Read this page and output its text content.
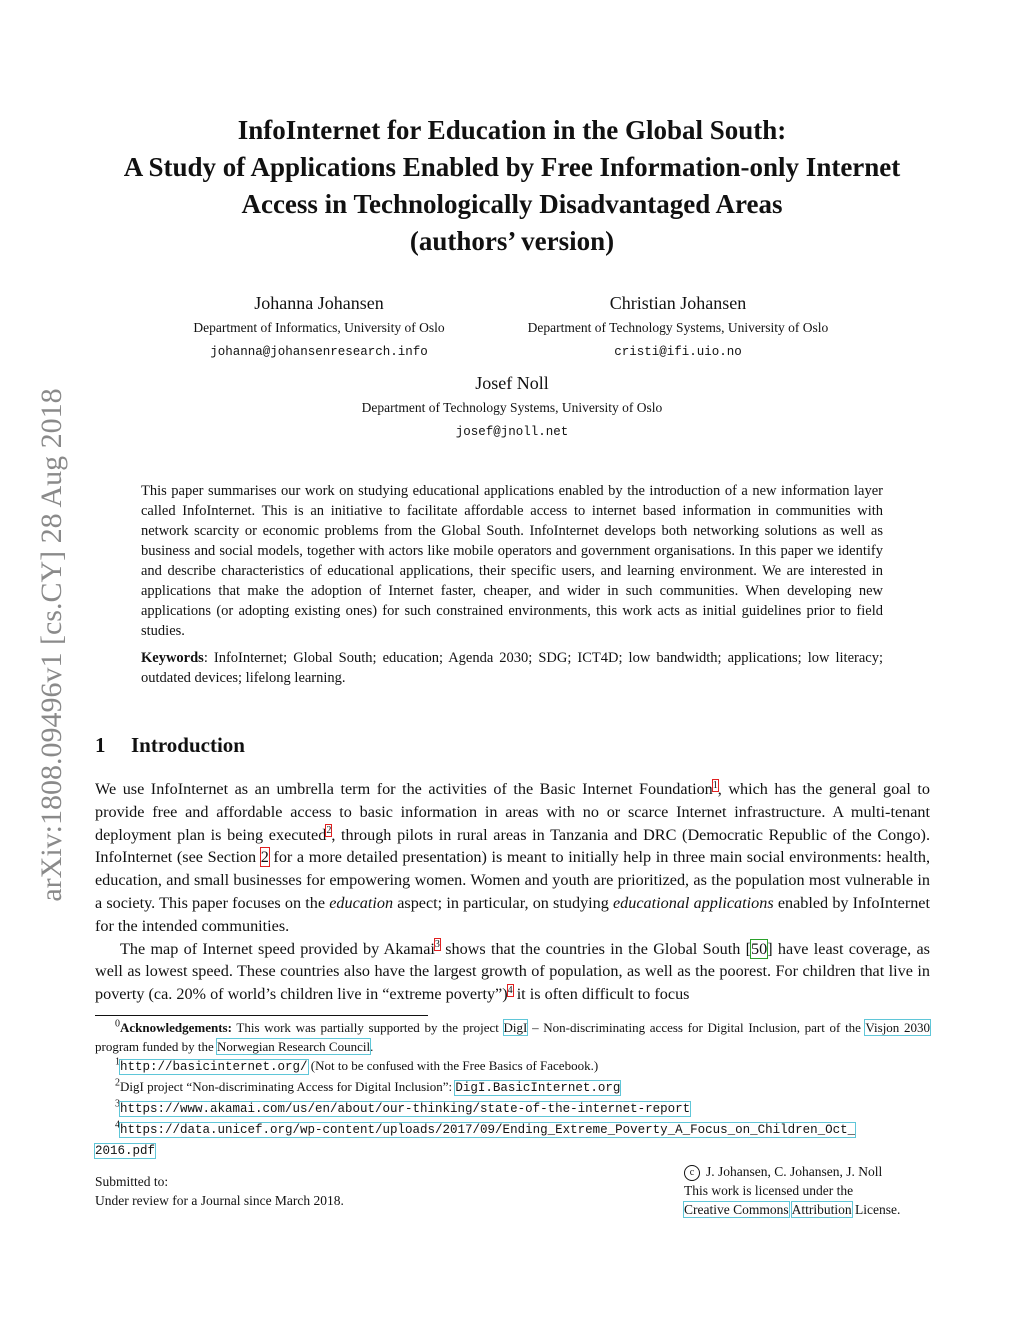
arXiv:1808.09496v1 [cs.CY] 28 Aug 2018
InfoInternet for Education in the Global South:
A Study of Applications Enabled by Free Information-only Internet
Access in Technologically Disadvantaged Areas
(authors’ version)
Johanna Johansen
Department of Informatics, University of Oslo
johanna@johansenresearch.info
Christian Johansen
Department of Technology Systems, University of Oslo
cristi@ifi.uio.no
Josef Noll
Department of Technology Systems, University of Oslo
josef@jnoll.net
This paper summarises our work on studying educational applications enabled by the introduction of a new information layer called InfoInternet. This is an initiative to facilitate affordable access to internet based information in communities with network scarcity or economic problems from the Global South. InfoInternet develops both networking solutions as well as business and social models, together with actors like mobile operators and government organisations. In this paper we identify and describe characteristics of educational applications, their specific users, and learning environment. We are interested in applications that make the adoption of Internet faster, cheaper, and wider in such communities. When developing new applications (or adopting existing ones) for such constrained environments, this work acts as initial guidelines prior to field studies.
Keywords: InfoInternet; Global South; education; Agenda 2030; SDG; ICT4D; low bandwidth; applications; low literacy; outdated devices; lifelong learning.
1 Introduction

We use InfoInternet as an umbrella term for the activities of the Basic Internet Foundation$^1$, which has the general goal to provide free and affordable access to basic information in areas with no or scarce Internet infrastructure. A multi-tenant deployment plan is being executed$^2$, through pilots in rural areas in Tanzania and DRC (Democratic Republic of the Congo). InfoInternet (see Section 2 for a more detailed presentation) is meant to initially help in three main social environments: health, education, and small businesses for empowering women. Women and youth are prioritized, as the population most vulnerable in a society. This paper focuses on the education aspect; in particular, on studying educational applications enabled by InfoInternet for the intended communities.

The map of Internet speed provided by Akamai$^3$ shows that the countries in the Global South [50] have least coverage, as well as lowest speed. These countries also have the largest growth of population, as well as the poorest. For children that live in poverty (ca. 20% of world’s children live in “extreme poverty”)$^4$ it is often difficult to focus

$^0$Acknowledgements: This work was partially supported by the project DigI – Non-discriminating access for Digital Inclusion, part of the Visjon 2030 program funded by the Norwegian Research Council.
$^1$http://basicinternet.org/ (Not to be confused with the Free Basics of Facebook.)
$^2$DigI project “Non-discriminating Access for Digital Inclusion”: DigI.BasicInternet.org
$^3$https://www.akamai.com/us/en/about/our-thinking/state-of-the-internet-report
$^4$https://data.unicef.org/wp-content/uploads/2017/09/Ending_Extreme_Poverty_A_Focus_on_Children_Oct_
2016.pdf
Submitted to:
Under review for a Journal since March 2018.
c J. Johansen, C. Johansen, J. Noll
This work is licensed under the
Creative Commons Attribution License.
